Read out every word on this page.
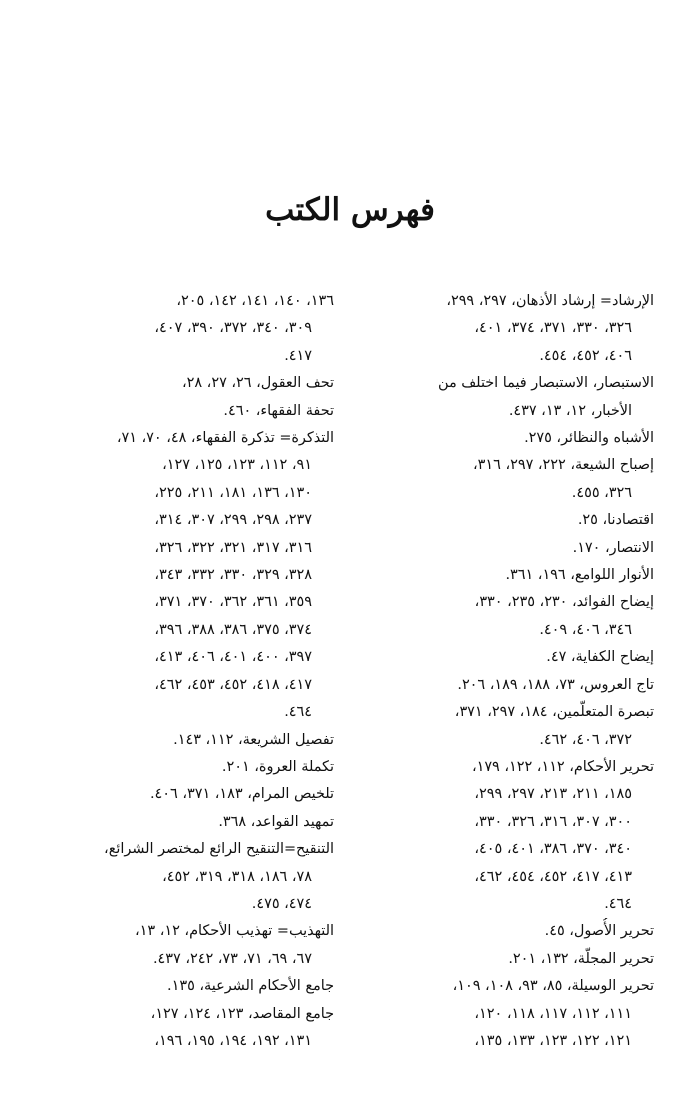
فهرس الكتب
الإرشاد= إرشاد الأذهان، ٢٩٧، ٢٩٩،
٣٢٦، ٣٣٠، ٣٧١، ٣٧٤، ٤٠١،
٤٠٦، ٤٥٢، ٤٥٤.
الاستبصار، الاستبصار فيما اختلف من
الأخبار، ١٢، ١٣، ٤٣٧.
الأشباه والنظائر، ٢٧٥.
إصباح الشيعة، ٢٢٢، ٢٩٧، ٣١٦،
٣٢٦، ٤٥٥.
اقتصادنا، ٢٥.
الانتصار، ١٧٠.
الأنوار اللوامع، ١٩٦، ٣٦١.
إيضاح الفوائد، ٢٣٠، ٢٣٥، ٣٣٠،
٣٤٦، ٤٠٦، ٤٠٩.
إيضاح الكفاية، ٤٧.
تاج العروس، ٧٣، ١٨٨، ١٨٩، ٢٠٦.
تبصرة المتعلّمين، ١٨٤، ٢٩٧، ٣٧١،
٣٧٢، ٤٠٦، ٤٦٢.
تحرير الأحكام، ١١٢، ١٢٢، ١٧٩،
١٨٥، ٢١١، ٢١٣، ٢٩٧، ٢٩٩،
٣٠٠، ٣٠٧، ٣١٦، ٣٢٦، ٣٣٠،
٣٤٠، ٣٧٠، ٣٨٦، ٤٠١، ٤٠٥،
٤١٣، ٤١٧، ٤٥٢، ٤٥٤، ٤٦٢،
٤٦٤.
تحرير الأُصول، ٤٥.
تحرير المجلّة، ١٣٢، ٢٠١.
تحرير الوسيلة، ٨٥، ٩٣، ١٠٨، ١٠٩،
١١١، ١١٢، ١١٧، ١١٨، ١٢٠،
١٢١، ١٢٢، ١٢٣، ١٣٣، ١٣٥،
١٣٦، ١٤٠، ١٤١، ١٤٢، ٢٠٥،
٣٠٩، ٣٤٠، ٣٧٢، ٣٩٠، ٤٠٧،
٤١٧.
تحف العقول، ٢٦، ٢٧، ٢٨،
تحفة الفقهاء، ٤٦٠.
التذكرة= تذكرة الفقهاء، ٤٨، ٧٠، ٧١،
٩١، ١١٢، ١٢٣، ١٢٥، ١٢٧،
١٣٠، ١٣٦، ١٨١، ٢١١، ٢٢٥،
٢٣٧، ٢٩٨، ٢٩٩، ٣٠٧، ٣١٤،
٣١٦، ٣١٧، ٣٢١، ٣٢٢، ٣٢٦،
٣٢٨، ٣٢٩، ٣٣٠، ٣٣٢، ٣٤٣،
٣٥٩، ٣٦١، ٣٦٢، ٣٧٠، ٣٧١،
٣٧٤، ٣٧٥، ٣٨٦، ٣٨٨، ٣٩٦،
٣٩٧، ٤٠٠، ٤٠١، ٤٠٦، ٤١٣،
٤١٧، ٤١٨، ٤٥٢، ٤٥٣، ٤٦٢،
٤٦٤.
تفصيل الشريعة، ١١٢، ١٤٣.
تكملة العروة، ٢٠١.
تلخيص المرام، ١٨٣، ٣٧١، ٤٠٦.
تمهيد القواعد، ٣٦٨.
التنقيح=التنقيح الرائع لمختصر الشرائع،
٧٨، ١٨٦، ٣١٨، ٣١٩، ٤٥٢،
٤٧٤، ٤٧٥.
التهذيب= تهذيب الأحكام، ١٢، ١٣،
٦٧، ٦٩، ٧١، ٧٣، ٢٤٢، ٤٣٧.
جامع الأحكام الشرعية، ١٣٥.
جامع المقاصد، ١٢٣، ١٢٤، ١٢٧،
١٣١، ١٩٢، ١٩٤، ١٩٥، ١٩٦،
